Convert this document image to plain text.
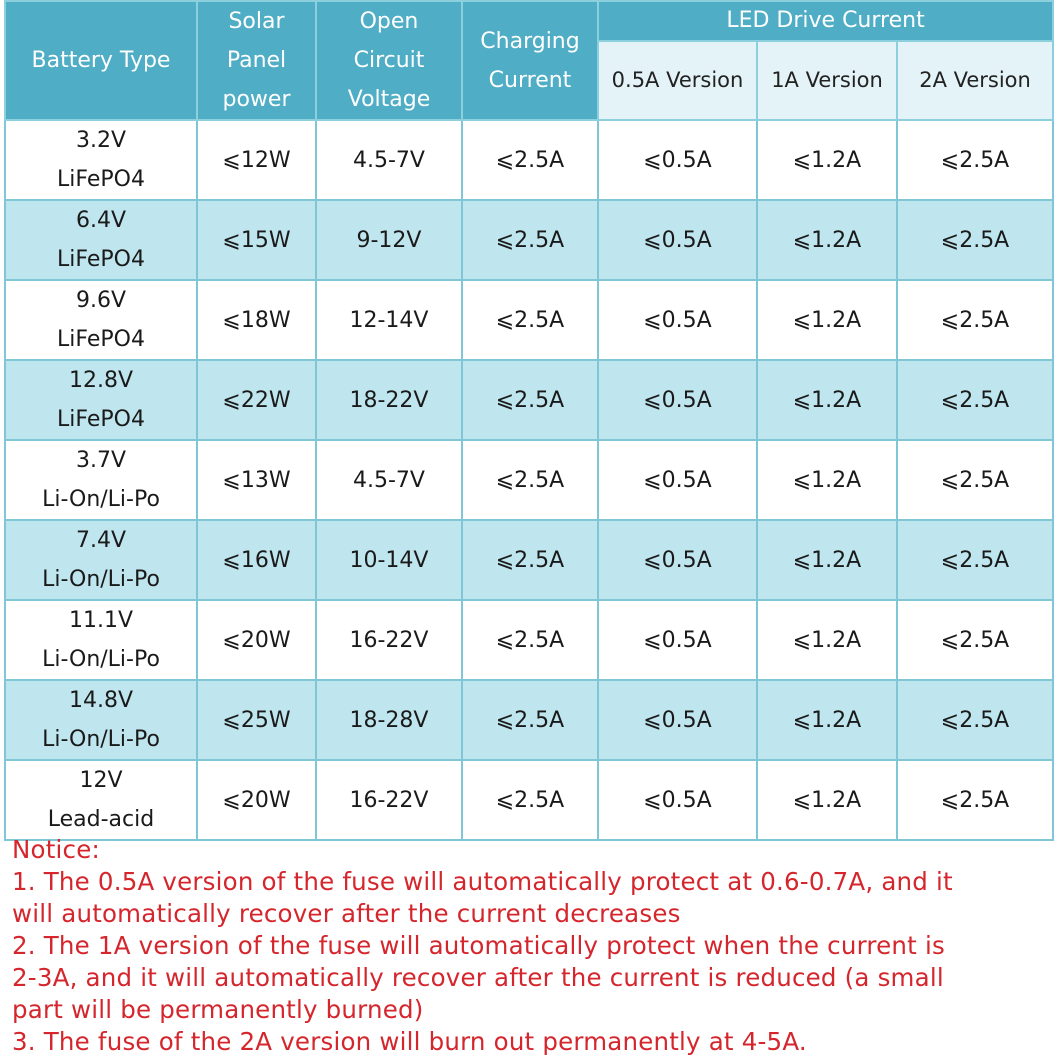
Battery Type	Solar Panel power	Open Circuit Voltage	Charging Current	LED Drive Current		
				0.5A Version	1A Version	2A Version

3.2V
LiFePO4	⩽12W	4.5-7V	⩽2.5A	⩽0.5A	⩽1.2A	⩽2.5A

6.4V
LiFePO4	⩽15W	9-12V	⩽2.5A	⩽0.5A	⩽1.2A	⩽2.5A

9.6V
LiFePO4	⩽18W	12-14V	⩽2.5A	⩽0.5A	⩽1.2A	⩽2.5A

12.8V
LiFePO4	⩽22W	18-22V	⩽2.5A	⩽0.5A	⩽1.2A	⩽2.5A

3.7V
Li-On/Li-Po	⩽13W	4.5-7V	⩽2.5A	⩽0.5A	⩽1.2A	⩽2.5A

7.4V
Li-On/Li-Po	⩽16W	10-14V	⩽2.5A	⩽0.5A	⩽1.2A	⩽2.5A

11.1V
Li-On/Li-Po	⩽20W	16-22V	⩽2.5A	⩽0.5A	⩽1.2A	⩽2.5A

14.8V
Li-On/Li-Po	⩽25W	18-28V	⩽2.5A	⩽0.5A	⩽1.2A	⩽2.5A

12V
Lead-acid	⩽20W	16-22V	⩽2.5A	⩽0.5A	⩽1.2A	⩽2.5A
Notice:
1. The 0.5A version of the fuse will automatically protect at 0.6-0.7A, and it
will automatically recover after the current decreases
2. The 1A version of the fuse will automatically protect when the current is
2-3A, and it will automatically recover after the current is reduced (a small
part will be permanently burned)
3. The fuse of the 2A version will burn out permanently at 4-5A.
